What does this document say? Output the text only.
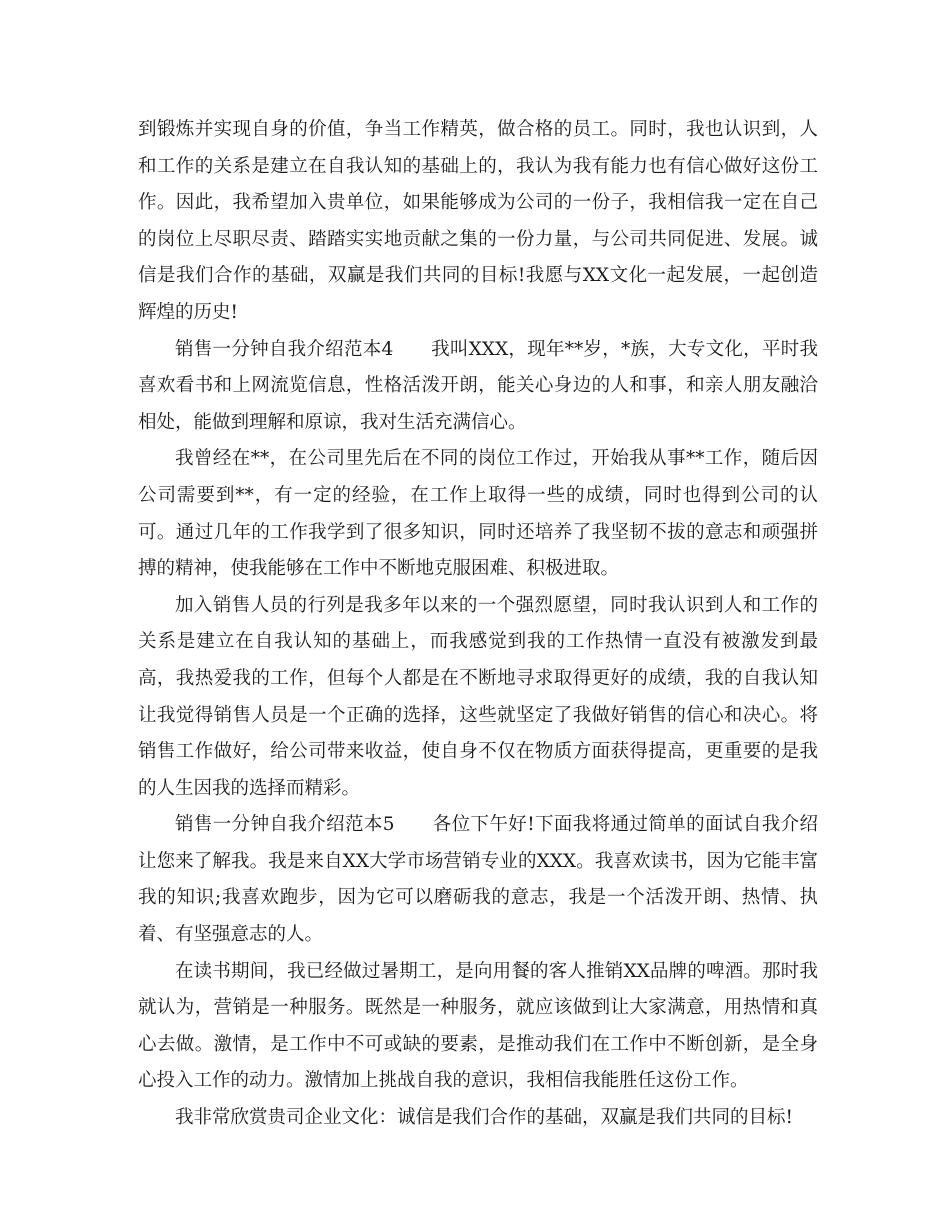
到锻炼并实现自身的价值，争当工作精英，做合格的员工。同时，我也认识到，人和工作的关系是建立在自我认知的基础上的，我认为我有能力也有信心做好这份工作。因此，我希望加入贵单位，如果能够成为公司的一份子，我相信我一定在自己的岗位上尽职尽责、踏踏实实地贡献之集的一份力量，与公司共同促进、发展。诚信是我们合作的基础，双赢是我们共同的目标!我愿与XX文化一起发展，一起创造辉煌的历史!

销售一分钟自我介绍范本4　　我叫XXX，现年**岁，*族，大专文化，平时我喜欢看书和上网流览信息，性格活泼开朗，能关心身边的人和事，和亲人朋友融洽相处，能做到理解和原谅，我对生活充满信心。

我曾经在**，在公司里先后在不同的岗位工作过，开始我从事**工作，随后因公司需要到**，有一定的经验，在工作上取得一些的成绩，同时也得到公司的认可。通过几年的工作我学到了很多知识，同时还培养了我坚韧不拔的意志和顽强拼搏的精神，使我能够在工作中不断地克服困难、积极进取。

加入销售人员的行列是我多年以来的一个强烈愿望，同时我认识到人和工作的关系是建立在自我认知的基础上，而我感觉到我的工作热情一直没有被激发到最高，我热爱我的工作，但每个人都是在不断地寻求取得更好的成绩，我的自我认知让我觉得销售人员是一个正确的选择，这些就坚定了我做好销售的信心和决心。将销售工作做好，给公司带来收益，使自身不仅在物质方面获得提高，更重要的是我的人生因我的选择而精彩。

销售一分钟自我介绍范本5　　各位下午好!下面我将通过简单的面试自我介绍让您来了解我。我是来自XX大学市场营销专业的XXX。我喜欢读书，因为它能丰富我的知识;我喜欢跑步，因为它可以磨砺我的意志，我是一个活泼开朗、热情、执着、有坚强意志的人。

在读书期间，我已经做过暑期工，是向用餐的客人推销XX品牌的啤酒。那时我就认为，营销是一种服务。既然是一种服务，就应该做到让大家满意，用热情和真心去做。激情，是工作中不可或缺的要素，是推动我们在工作中不断创新，是全身心投入工作的动力。激情加上挑战自我的意识，我相信我能胜任这份工作。

我非常欣赏贵司企业文化：诚信是我们合作的基础，双赢是我们共同的目标!
